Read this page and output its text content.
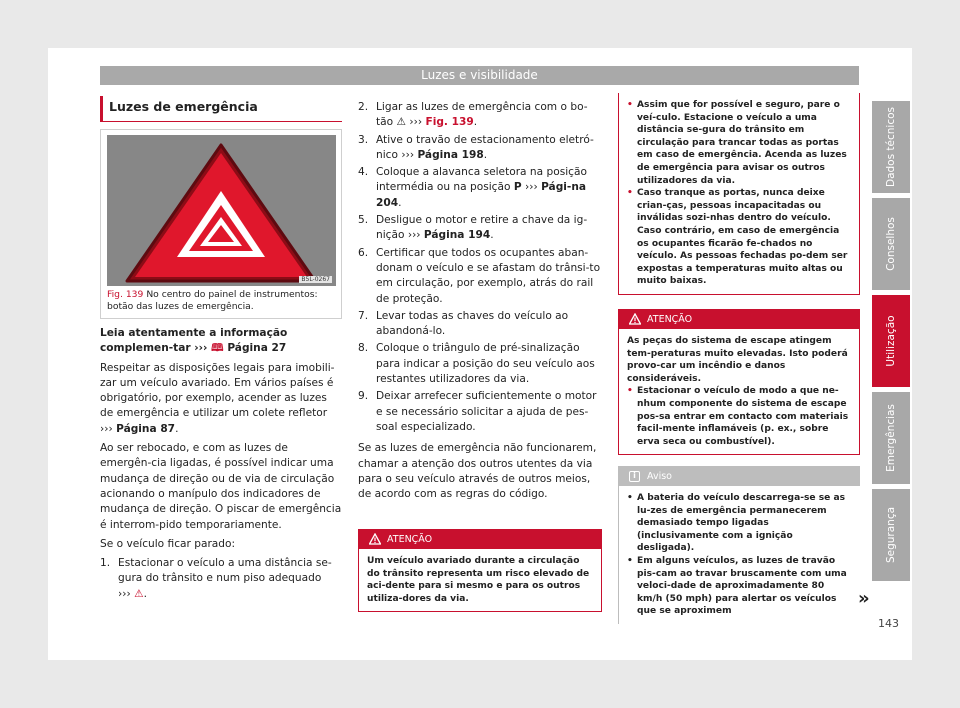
Luzes e visibilidade
Luzes de emergência
B5L-0267
Fig. 139 No centro do painel de instrumentos: botão das luzes de emergência.

Leia atentamente a informação complemen-tar ››› 🕮 Página 27

Respeitar as disposições legais para imobili-zar um veículo avariado. Em vários países é obrigatório, por exemplo, acender as luzes de emergência e utilizar um colete refletor ››› Página 87.

Ao ser rebocado, e com as luzes de emergên-cia ligadas, é possível indicar uma mudança de direção ou de via de circulação acionando o manípulo dos indicadores de mudança de direção. O piscar de emergência é interrom-pido temporariamente.

Se o veículo ficar parado:

1. Estacionar o veículo a uma distância se-gura do trânsito e num piso adequado
››› ⚠.
2. Ligar as luzes de emergência com o bo-tão ⚠ ››› Fig. 139.
3. Ative o travão de estacionamento eletró-nico ››› Página 198.
4. Coloque a alavanca seletora na posição intermédia ou na posição P ››› Pági-na 204.
5. Desligue o motor e retire a chave da ig-nição ››› Página 194.
6. Certificar que todos os ocupantes aban-donam o veículo e se afastam do trânsi-to em circulação, por exemplo, atrás do rail de proteção.
7. Levar todas as chaves do veículo ao abandoná-lo.
8. Coloque o triângulo de pré-sinalização para indicar a posição do seu veículo aos restantes utilizadores da via.
9. Deixar arrefecer suficientemente o motor e se necessário solicitar a ajuda de pes-soal especializado.

Se as luzes de emergência não funcionarem, chamar a atenção dos outros utentes da via para o seu veículo através de outros meios, de acordo com as regras do código.

ATENÇÃO
Um veículo avariado durante a circulação do trânsito representa um risco elevado de aci-dente para si mesmo e para os outros utiliza-dores da via.
• Assim que for possível e seguro, pare o veí-culo. Estacione o veículo a uma distância se-gura do trânsito em circulação para trancar todas as portas em caso de emergência. Acenda as luzes de emergência para avisar os outros utilizadores da via.
• Caso tranque as portas, nunca deixe crian-ças, pessoas incapacitadas ou inválidas sozi-nhas dentro do veículo. Caso contrário, em caso de emergência os ocupantes ficarão fe-chados no veículo. As pessoas fechadas po-dem ser expostas a temperaturas muito altas ou muito baixas.
ATENÇÃO
As peças do sistema de escape atingem tem-peraturas muito elevadas. Isto poderá provo-car um incêndio e danos consideráveis.
• Estacionar o veículo de modo a que ne-nhum componente do sistema de escape pos-sa entrar em contacto com materiais facil-mente inflamáveis (p. ex., sobre erva seca ou combustível).
i	Aviso
• A bateria do veículo descarrega-se se as lu-zes de emergência permanecerem demasiado tempo ligadas (inclusivamente com a ignição desligada).
• Em alguns veículos, as luzes de travão pis-cam ao travar bruscamente com uma veloci-dade de aproximadamente 80 km/h (50 mph) para alertar os veículos que se aproximem
»
Dados técnicos
Conselhos
Utilização
Emergências
Segurança
143
